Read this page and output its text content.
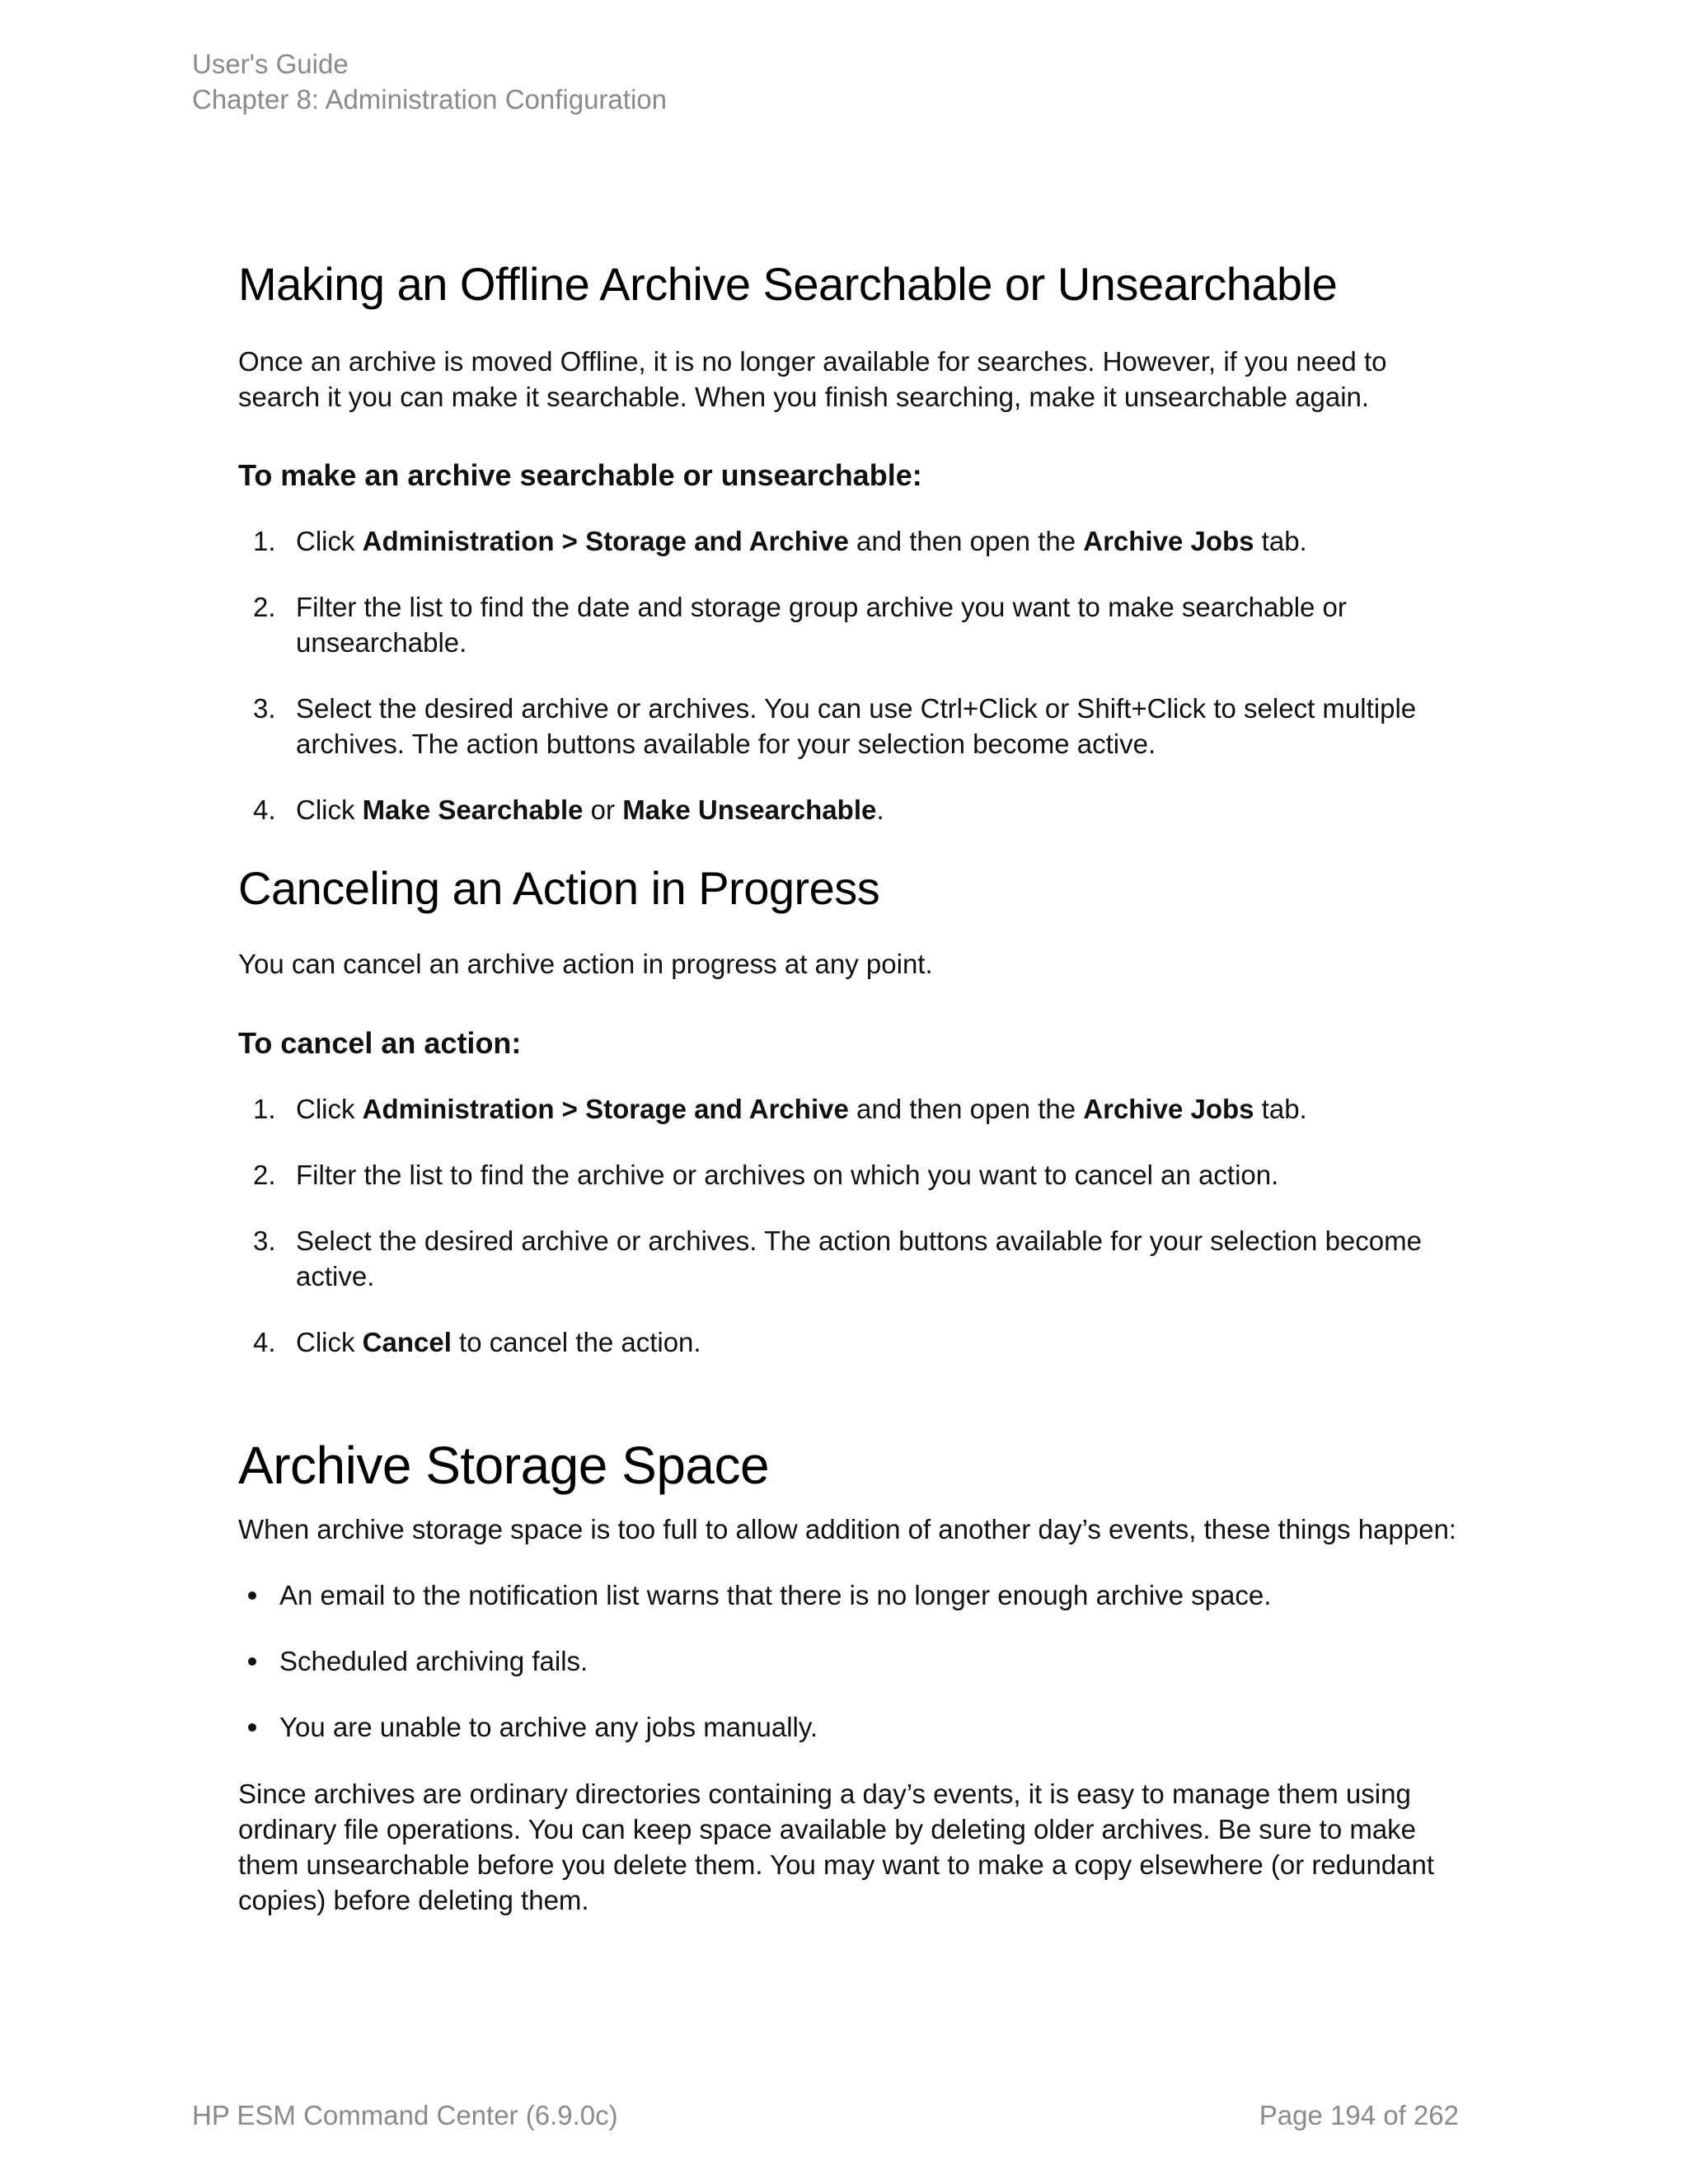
User's Guide
Chapter 8: Administration Configuration
Making an Offline Archive Searchable or Unsearchable

Once an archive is moved Offline, it is no longer available for searches. However, if you need to search it you can make it searchable. When you finish searching, make it unsearchable again.

To make an archive searchable or unsearchable:
1. Click Administration > Storage and Archive and then open the Archive Jobs tab.
2. Filter the list to find the date and storage group archive you want to make searchable or unsearchable.
3. Select the desired archive or archives. You can use Ctrl+Click or Shift+Click to select multiple archives. The action buttons available for your selection become active.
4. Click Make Searchable or Make Unsearchable.
Canceling an Action in Progress

You can cancel an archive action in progress at any point.

To cancel an action:
1. Click Administration > Storage and Archive and then open the Archive Jobs tab.
2. Filter the list to find the archive or archives on which you want to cancel an action.
3. Select the desired archive or archives. The action buttons available for your selection become active.
4. Click Cancel to cancel the action.
Archive Storage Space

When archive storage space is too full to allow addition of another day’s events, these things happen:

An email to the notification list warns that there is no longer enough archive space.
Scheduled archiving fails.
You are unable to archive any jobs manually.

Since archives are ordinary directories containing a day’s events, it is easy to manage them using ordinary file operations. You can keep space available by deleting older archives. Be sure to make them unsearchable before you delete them. You may want to make a copy elsewhere (or redundant copies) before deleting them.

HP ESM Command Center (6.9.0c)	Page 194 of 262
